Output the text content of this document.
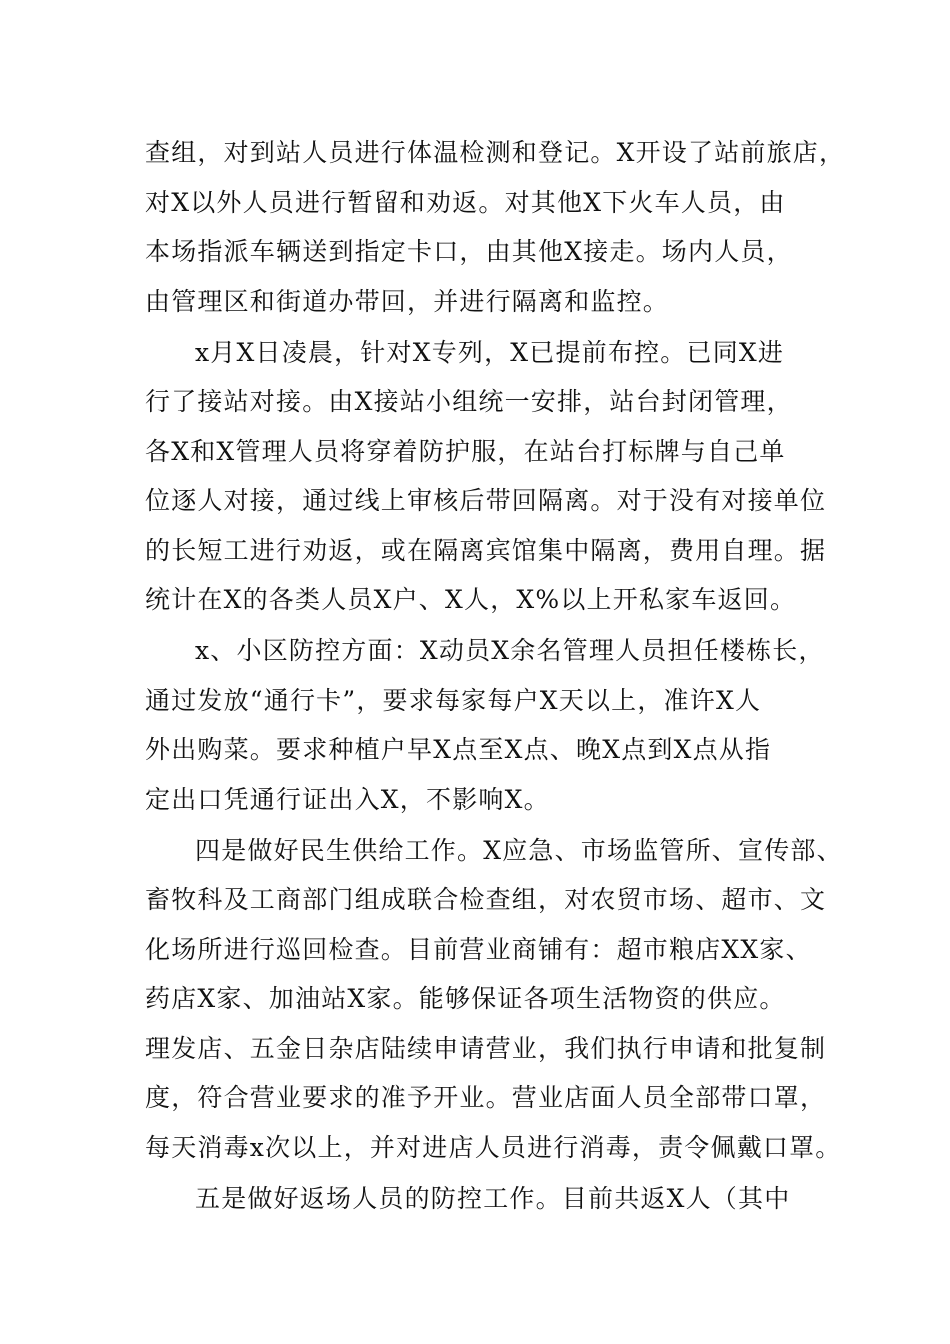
查组，对到站人员进行体温检测和登记。X开设了站前旅店，
对X以外人员进行暂留和劝返。对其他X下火车人员，由
本场指派车辆送到指定卡口，由其他X接走。场内人员，
由管理区和街道办带回，并进行隔离和监控。

x月X日凌晨，针对X专列，X已提前布控。已同X进
行了接站对接。由X接站小组统一安排，站台封闭管理，
各X和X管理人员将穿着防护服，在站台打标牌与自己单
位逐人对接，通过线上审核后带回隔离。对于没有对接单位
的长短工进行劝返，或在隔离宾馆集中隔离，费用自理。据
统计在X的各类人员X户、X人，X%以上开私家车返回。

x、小区防控方面：X动员X余名管理人员担任楼栋长，
通过发放“通行卡”，要求每家每户X天以上，准许X人
外出购菜。要求种植户早X点至X点、晚X点到X点从指
定出口凭通行证出入X，不影响X。

四是做好民生供给工作。X应急、市场监管所、宣传部、
畜牧科及工商部门组成联合检查组，对农贸市场、超市、文
化场所进行巡回检查。目前营业商铺有：超市粮店XX家、
药店X家、加油站X家。能够保证各项生活物资的供应。
理发店、五金日杂店陆续申请营业，我们执行申请和批复制
度，符合营业要求的准予开业。营业店面人员全部带口罩，
每天消毒x次以上，并对进店人员进行消毒，责令佩戴口罩。

五是做好返场人员的防控工作。目前共返X人（其中
